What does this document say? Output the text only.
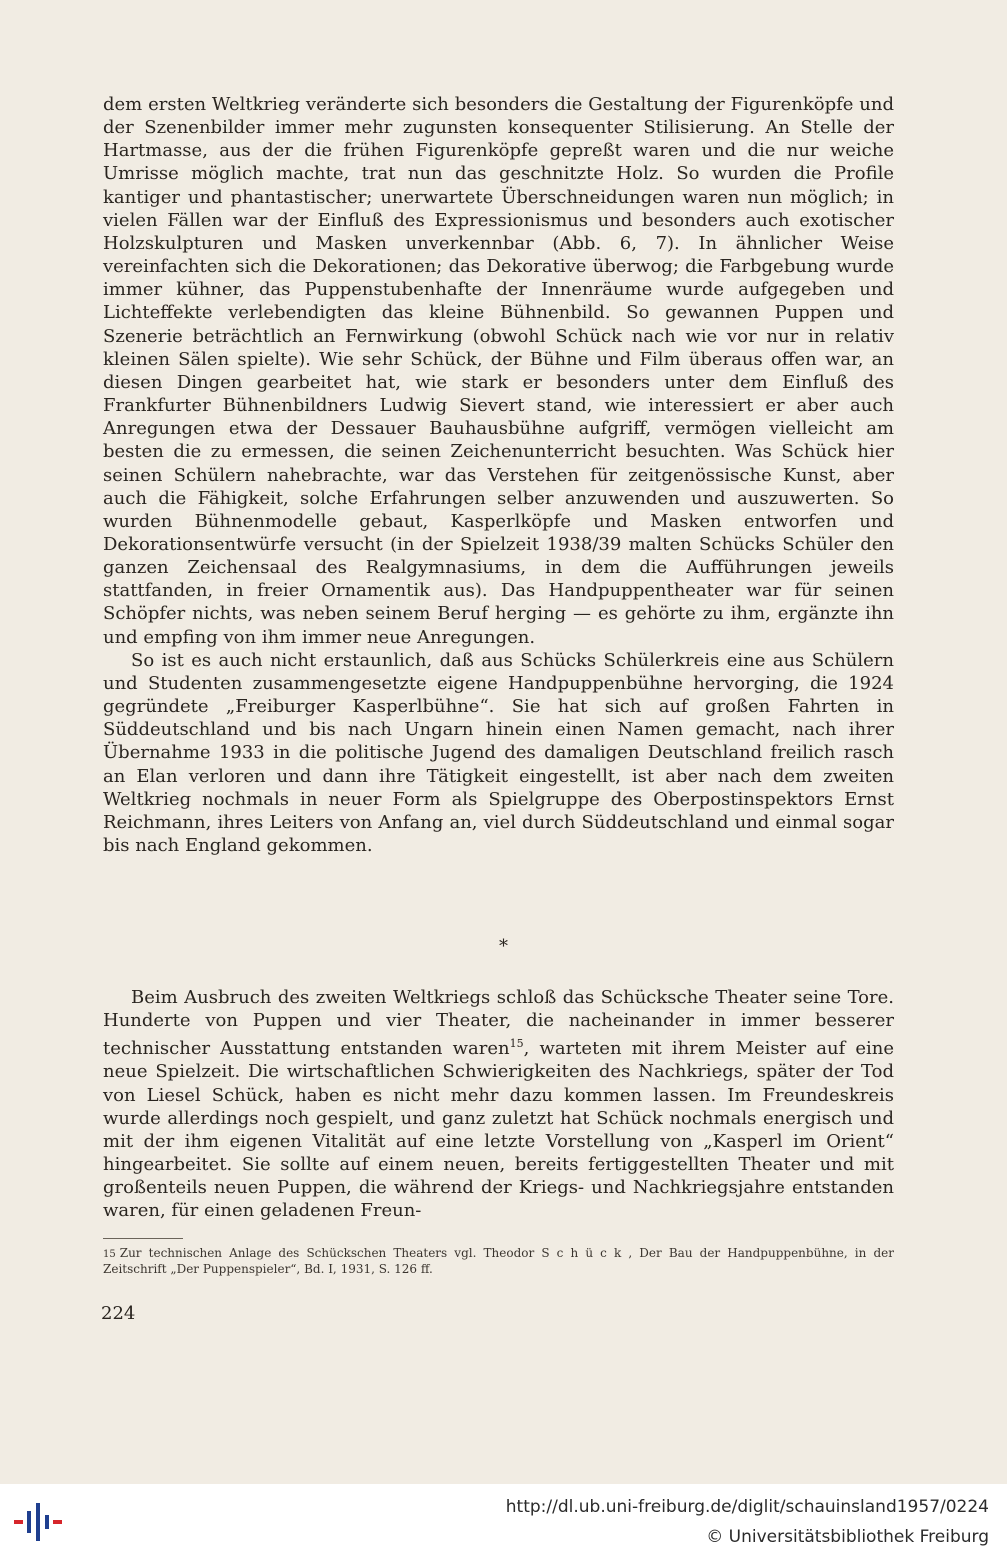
dem ersten Weltkrieg veränderte sich besonders die Gestaltung der Figurenköpfe und der Szenenbilder immer mehr zugunsten konsequenter Stilisierung. An Stelle der Hartmasse, aus der die frühen Figurenköpfe gepreßt waren und die nur weiche Umrisse möglich machte, trat nun das geschnitzte Holz. So wurden die Profile kantiger und phantastischer; unerwartete Überschneidungen waren nun möglich; in vielen Fällen war der Einfluß des Expressionismus und besonders auch exotischer Holzskulpturen und Masken unverkennbar (Abb. 6, 7). In ähnlicher Weise vereinfachten sich die Dekorationen; das Dekorative überwog; die Farbgebung wurde immer kühner, das Puppenstubenhafte der Innenräume wurde aufgegeben und Lichteffekte verlebendigten das kleine Bühnenbild. So gewannen Puppen und Szenerie beträchtlich an Fernwirkung (obwohl Schück nach wie vor nur in relativ kleinen Sälen spielte). Wie sehr Schück, der Bühne und Film überaus offen war, an diesen Dingen gearbeitet hat, wie stark er besonders unter dem Einfluß des Frankfurter Bühnenbildners Ludwig Sievert stand, wie interessiert er aber auch Anregungen etwa der Dessauer Bauhausbühne aufgriff, vermögen vielleicht am besten die zu ermessen, die seinen Zeichenunterricht besuchten. Was Schück hier seinen Schülern nahebrachte, war das Verstehen für zeitgenössische Kunst, aber auch die Fähigkeit, solche Erfahrungen selber anzuwenden und auszuwerten. So wurden Bühnenmodelle gebaut, Kasperlköpfe und Masken entworfen und Dekorationsentwürfe versucht (in der Spielzeit 1938/39 malten Schücks Schüler den ganzen Zeichensaal des Realgymnasiums, in dem die Aufführungen jeweils stattfanden, in freier Ornamentik aus). Das Handpuppentheater war für seinen Schöpfer nichts, was neben seinem Beruf herging — es gehörte zu ihm, ergänzte ihn und empfing von ihm immer neue Anregungen.

So ist es auch nicht erstaunlich, daß aus Schücks Schülerkreis eine aus Schülern und Studenten zusammengesetzte eigene Handpuppenbühne hervorging, die 1924 gegründete „Freiburger Kasperlbühne“. Sie hat sich auf großen Fahrten in Süddeutschland und bis nach Ungarn hinein einen Namen gemacht, nach ihrer Übernahme 1933 in die politische Jugend des damaligen Deutschland freilich rasch an Elan verloren und dann ihre Tätigkeit eingestellt, ist aber nach dem zweiten Weltkrieg nochmals in neuer Form als Spielgruppe des Oberpostinspektors Ernst Reichmann, ihres Leiters von Anfang an, viel durch Süddeutschland und einmal sogar bis nach England gekommen.

*

Beim Ausbruch des zweiten Weltkriegs schloß das Schücksche Theater seine Tore. Hunderte von Puppen und vier Theater, die nacheinander in immer besserer technischer Ausstattung entstanden waren$^{15}$, warteten mit ihrem Meister auf eine neue Spielzeit. Die wirtschaftlichen Schwierigkeiten des Nachkriegs, später der Tod von Liesel Schück, haben es nicht mehr dazu kommen lassen. Im Freundeskreis wurde allerdings noch gespielt, und ganz zuletzt hat Schück nochmals energisch und mit der ihm eigenen Vitalität auf eine letzte Vorstellung von „Kasperl im Orient“ hingearbeitet. Sie sollte auf einem neuen, bereits fertiggestellten Theater und mit großenteils neuen Puppen, die während der Kriegs- und Nachkriegsjahre entstanden waren, für einen geladenen Freun-

15 Zur technischen Anlage des Schückschen Theaters vgl. Theodor S c h ü c k , Der Bau der Handpuppenbühne, in der Zeitschrift „Der Puppenspieler“, Bd. I, 1931, S. 126 ff.
224
http://dl.ub.uni-freiburg.de/diglit/schauinsland1957/0224
© Universitätsbibliothek Freiburg
